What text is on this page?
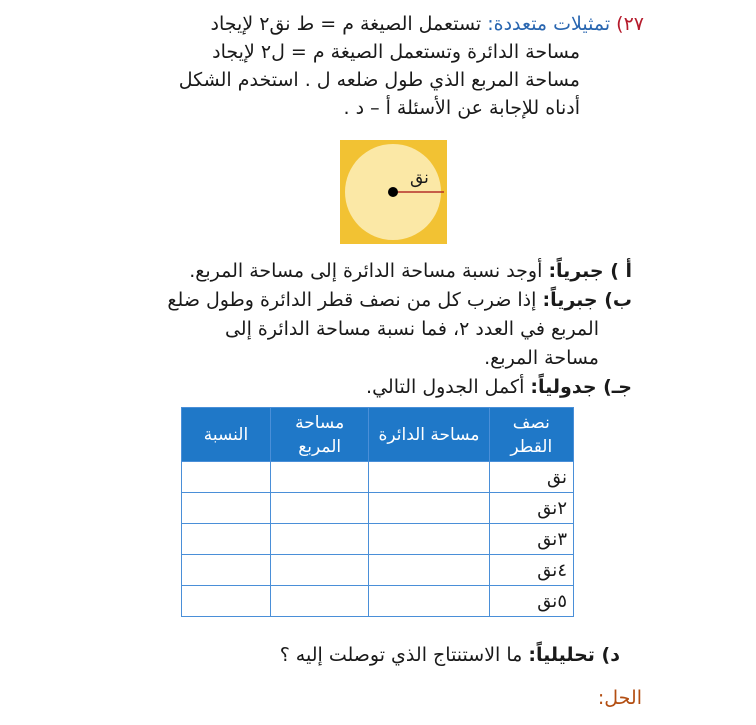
٢٧) تمثيلات متعددة: تستعمل الصيغة م = ط نق٢ لإيجاد
مساحة الدائرة وتستعمل الصيغة م = ل٢ لإيجاد
مساحة المربع الذي طول ضلعه ل . استخدم الشكل
أدناه للإجابة عن الأسئلة أ – د .
نق
أ ) جبرياً: أوجد نسبة مساحة الدائرة إلى مساحة المربع.
ب) جبرياً: إذا ضرب كل من نصف قطر الدائرة وطول ضلع
المربع في العدد ٢، فما نسبة مساحة الدائرة إلى
مساحة المربع.
جـ) جدولياً: أكمل الجدول التالي.
نصف القطر	مساحة الدائرة	مساحة المربع	النسبة
نق			
٢نق			
٣نق			
٤نق			
٥نق			
د) تحليلياً: ما الاستنتاج الذي توصلت إليه ؟
الحل:
